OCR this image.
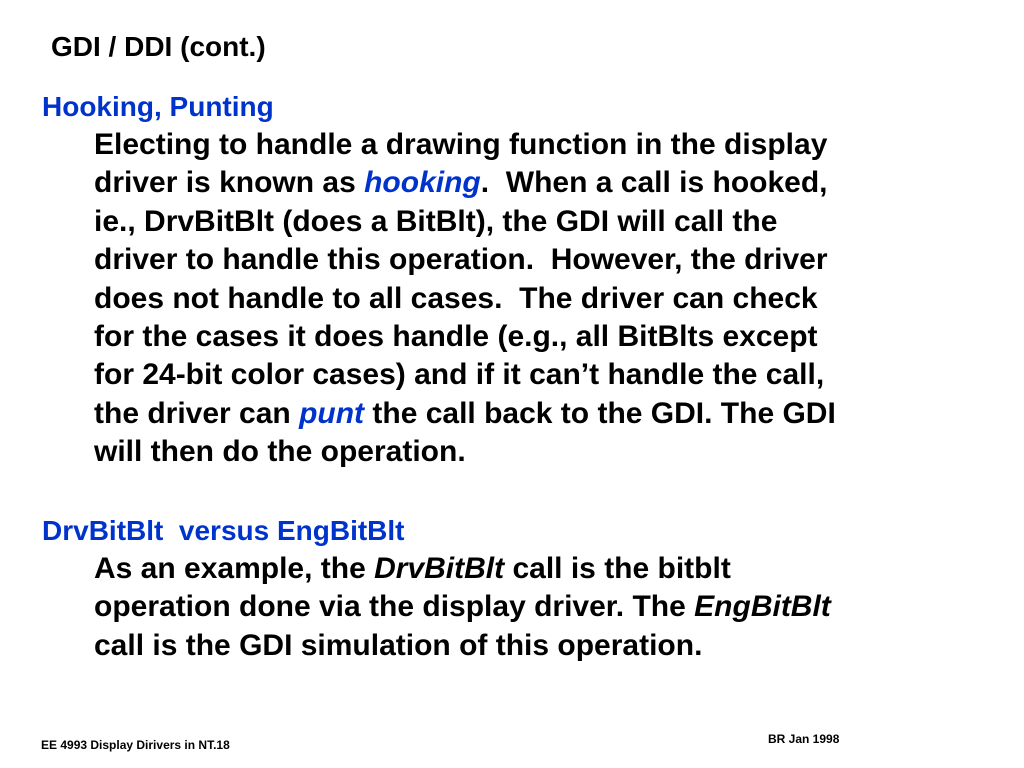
GDI / DDI (cont.)
Hooking, Punting
Electing to handle a drawing function in the display
driver is known as hooking.  When a call is hooked,
ie., DrvBitBlt (does a BitBlt), the GDI will call the
driver to handle this operation.  However, the driver
does not handle to all cases.  The driver can check
for the cases it does handle (e.g., all BitBlts except
for 24-bit color cases) and if it can’t handle the call,
the driver can punt the call back to the GDI. The GDI
will then do the operation.
DrvBitBlt  versus EngBitBlt
As an example, the DrvBitBlt call is the bitblt
operation done via the display driver. The EngBitBlt
call is the GDI simulation of this operation.
EE 4993 Display Dirivers in NT.18	BR Jan 1998
